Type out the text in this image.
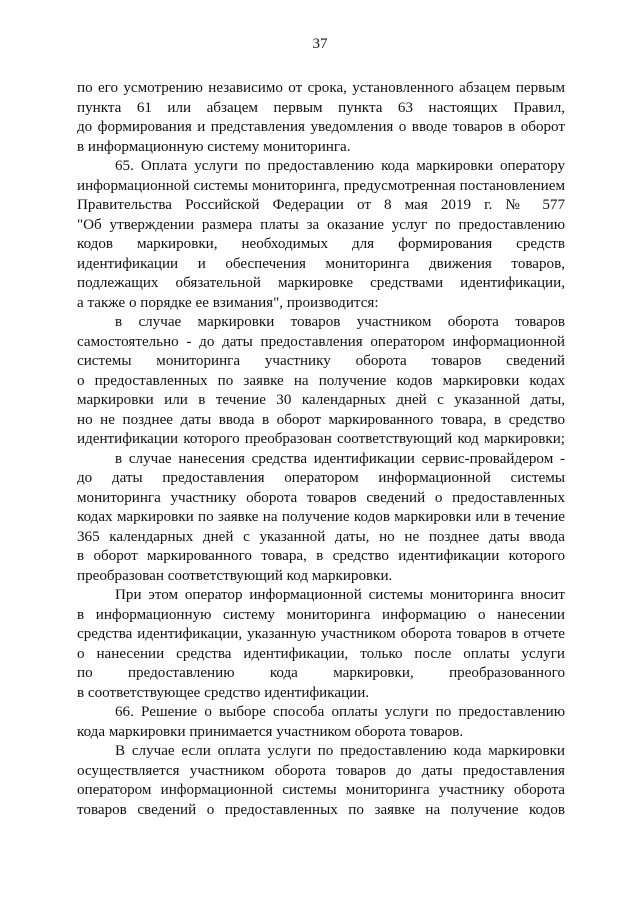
37
по его усмотрению независимо от срока, установленного абзацем первым
пункта 61 или абзацем первым пункта 63 настоящих Правил,
до формирования и представления уведомления о вводе товаров в оборот
в информационную систему мониторинга.
65. Оплата услуги по предоставлению кода маркировки оператору
информационной системы мониторинга, предусмотренная постановлением
Правительства Российской Федерации от 8 мая 2019 г. № 577
"Об утверждении размера платы за оказание услуг по предоставлению
кодов маркировки, необходимых для формирования средств
идентификации и обеспечения мониторинга движения товаров,
подлежащих обязательной маркировке средствами идентификации,
а также о порядке ее взимания", производится:
в случае маркировки товаров участником оборота товаров
самостоятельно - до даты предоставления оператором информационной
системы мониторинга участнику оборота товаров сведений
о предоставленных по заявке на получение кодов маркировки кодах
маркировки или в течение 30 календарных дней с указанной даты,
но не позднее даты ввода в оборот маркированного товара, в средство
идентификации которого преобразован соответствующий код маркировки;
в случае нанесения средства идентификации сервис-провайдером -
до даты предоставления оператором информационной системы
мониторинга участнику оборота товаров сведений о предоставленных
кодах маркировки по заявке на получение кодов маркировки или в течение
365 календарных дней с указанной даты, но не позднее даты ввода
в оборот маркированного товара, в средство идентификации которого
преобразован соответствующий код маркировки.
При этом оператор информационной системы мониторинга вносит
в информационную систему мониторинга информацию о нанесении
средства идентификации, указанную участником оборота товаров в отчете
о нанесении средства идентификации, только после оплаты услуги
по предоставлению кода маркировки, преобразованного
в соответствующее средство идентификации.
66. Решение о выборе способа оплаты услуги по предоставлению
кода маркировки принимается участником оборота товаров.
В случае если оплата услуги по предоставлению кода маркировки
осуществляется участником оборота товаров до даты предоставления
оператором информационной системы мониторинга участнику оборота
товаров сведений о предоставленных по заявке на получение кодов
